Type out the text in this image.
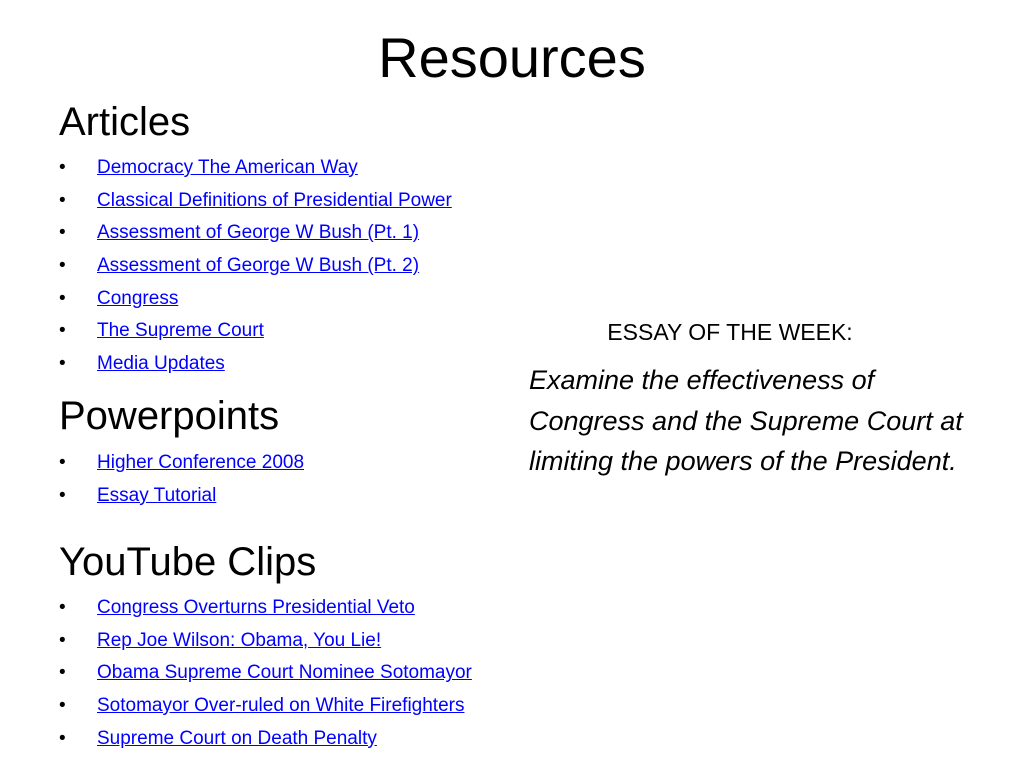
Resources
Articles
• Democracy The American Way
• Classical Definitions of Presidential Power
• Assessment of George W Bush (Pt. 1)
• Assessment of George W Bush (Pt. 2)
• Congress
• The Supreme Court
• Media Updates
Powerpoints
• Higher Conference 2008
• Essay Tutorial
YouTube Clips
• Congress Overturns Presidential Veto
• Rep Joe Wilson: Obama, You Lie!
• Obama Supreme Court Nominee Sotomayor
• Sotomayor Over-ruled on White Firefighters
• Supreme Court on Death Penalty
ESSAY OF THE WEEK:

Examine the effectiveness of Congress and the Supreme Court at limiting the powers of the President.
